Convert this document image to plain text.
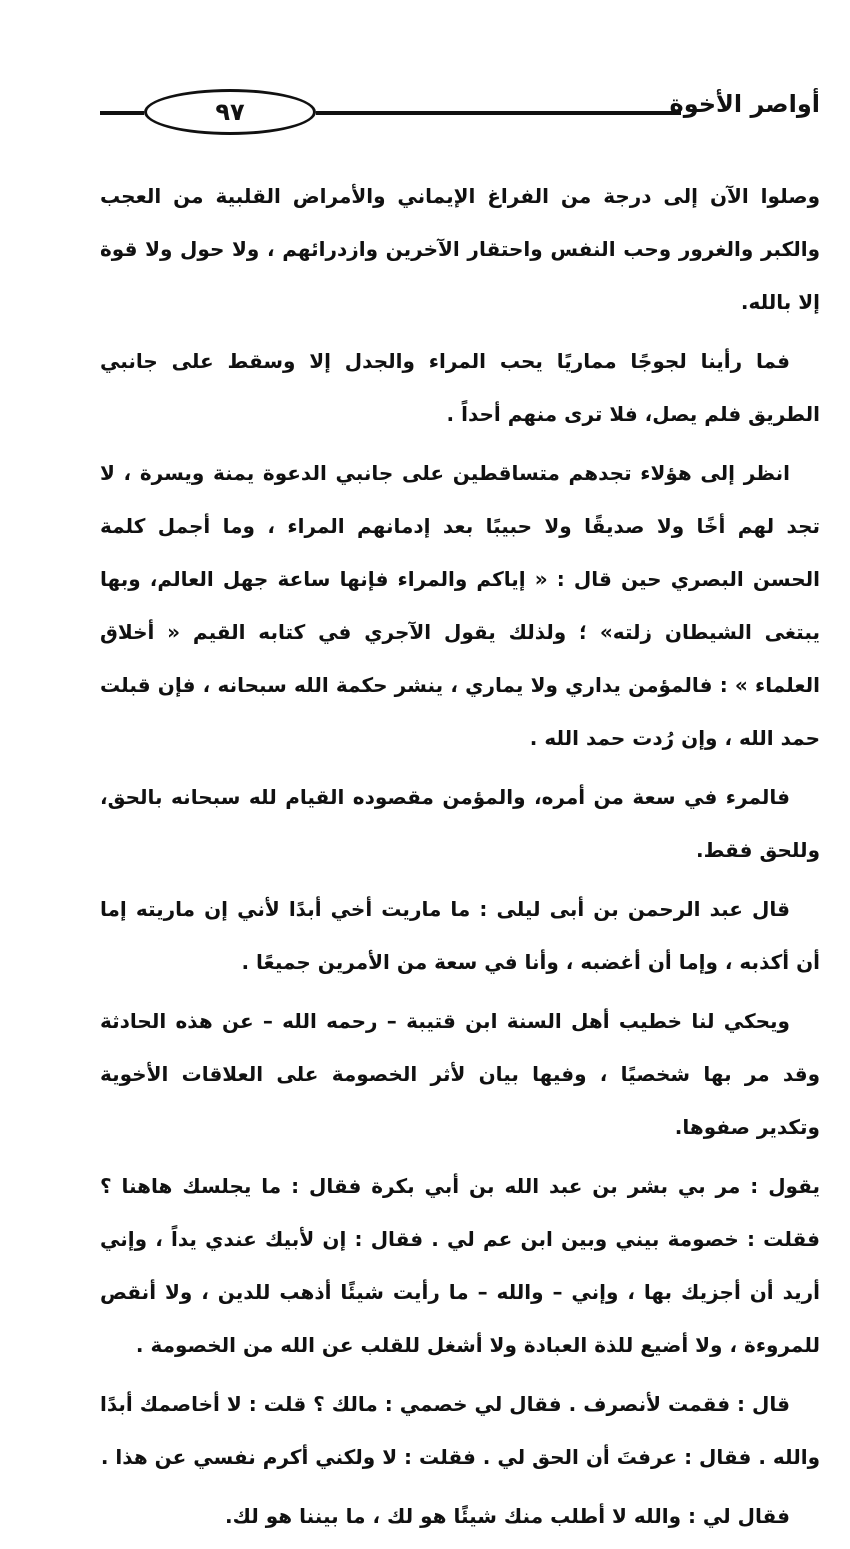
٩٧	أواصر الأخوة

وصلوا الآن إلى درجة من الفراغ الإيماني والأمراض القلبية من العجب والكبر والغرور وحب النفس واحتقار الآخرين وازدرائهم ، ولا حول ولا قوة إلا بالله.

فما رأينا لجوجًا مماريًا يحب المراء والجدل إلا وسقط على جانبي الطريق فلم يصل، فلا ترى منهم أحداً .

انظر إلى هؤلاء تجدهم متساقطين على جانبي الدعوة يمنة ويسرة ، لا تجد لهم أخًا ولا صديقًا ولا حبيبًا بعد إدمانهم المراء ، وما أجمل كلمة الحسن البصري حين قال : « إياكم والمراء فإنها ساعة جهل العالم، وبها يبتغى الشيطان زلته» ؛ ولذلك يقول الآجري في كتابه القيم « أخلاق العلماء » : فالمؤمن يداري ولا يماري ، ينشر حكمة الله سبحانه ، فإن قبلت حمد الله ، وإن رُدت حمد الله .

فالمرء في سعة من أمره، والمؤمن مقصوده القيام لله سبحانه بالحق، وللحق فقط.

قال عبد الرحمن بن أبى ليلى : ما ماريت أخي أبدًا لأني إن ماريته إما أن أكذبه ، وإما أن أغضبه ، وأنا في سعة من الأمرين جميعًا .

ويحكي لنا خطيب أهل السنة ابن قتيبة – رحمه الله – عن هذه الحادثة وقد مر بها شخصيًا ، وفيها بيان لأثر الخصومة على العلاقات الأخوية وتكدير صفوها.

يقول : مر بي بشر بن عبد الله بن أبي بكرة فقال : ما يجلسك هاهنا ؟ فقلت : خصومة بيني وبين ابن عم لي . فقال : إن لأبيك عندي يداً ، وإني أريد أن أجزيك بها ، وإني – والله – ما رأيت شيئًا أذهب للدين ، ولا أنقص للمروءة ، ولا أضيع للذة العبادة ولا أشغل للقلب عن الله من الخصومة .

قال : فقمت لأنصرف . فقال لي خصمي : مالك ؟ قلت : لا أخاصمك أبدًا والله . فقال : عرفتَ أن الحق لي . فقلت : لا ولكني أكرم نفسي عن هذا .

فقال لي : والله لا أطلب منك شيئًا هو لك ، ما بيننا هو لك.
